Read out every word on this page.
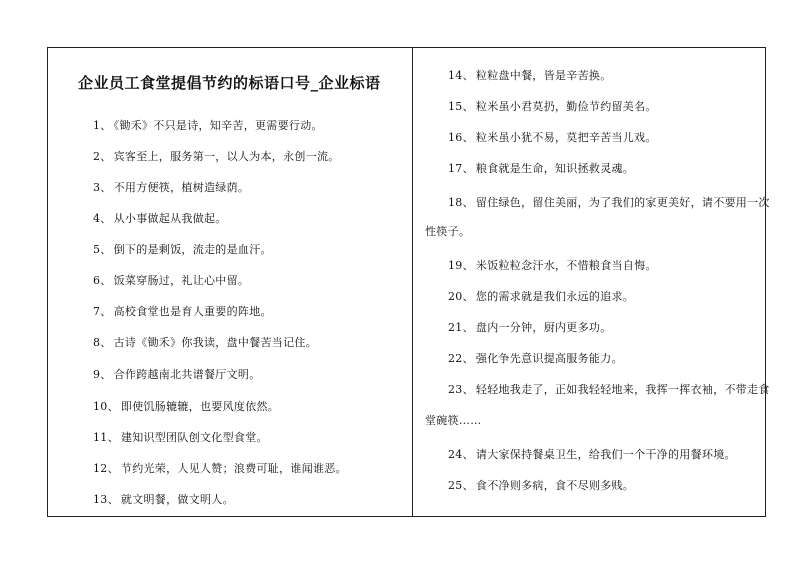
企业员工食堂提倡节约的标语口号_企业标语
1、 《锄禾》不只是诗，知辛苦，更需要行动。
2、 宾客至上，服务第一，以人为本，永创一流。
3、 不用方便筷，植树造绿荫。
4、 从小事做起从我做起。
5、 倒下的是剩饭，流走的是血汗。
6、 饭菜穿肠过，礼让心中留。
7、 高校食堂也是育人重要的阵地。
8、 古诗《锄禾》你我读，盘中餐苦当记住。
9、 合作跨越南北共谱餐厅文明。
10、 即使饥肠辘辘，也要风度依然。
11、 建知识型团队创文化型食堂。
12、 节约光荣，人见人赞；浪费可耻，谁闻谁恶。
13、 就文明餐，做文明人。
14、 粒粒盘中餐，皆是辛苦换。
15、 粒米虽小君莫扔，勤俭节约留美名。
16、 粒米虽小犹不易，莫把辛苦当儿戏。
17、 粮食就是生命，知识拯救灵魂。
18、 留住绿色，留住美丽，为了我们的家更美好，请不要用一次
性筷子。
19、 米饭粒粒念汗水，不惜粮食当自悔。
20、 您的需求就是我们永远的追求。
21、 盘内一分钟，厨内更多功。
22、 强化争先意识提高服务能力。
23、 轻轻地我走了，正如我轻轻地来，我挥一挥衣袖，不带走食
堂碗筷……
24、 请大家保持餐桌卫生，给我们一个干净的用餐环境。
25、 食不净则多病，食不尽则多贱。
